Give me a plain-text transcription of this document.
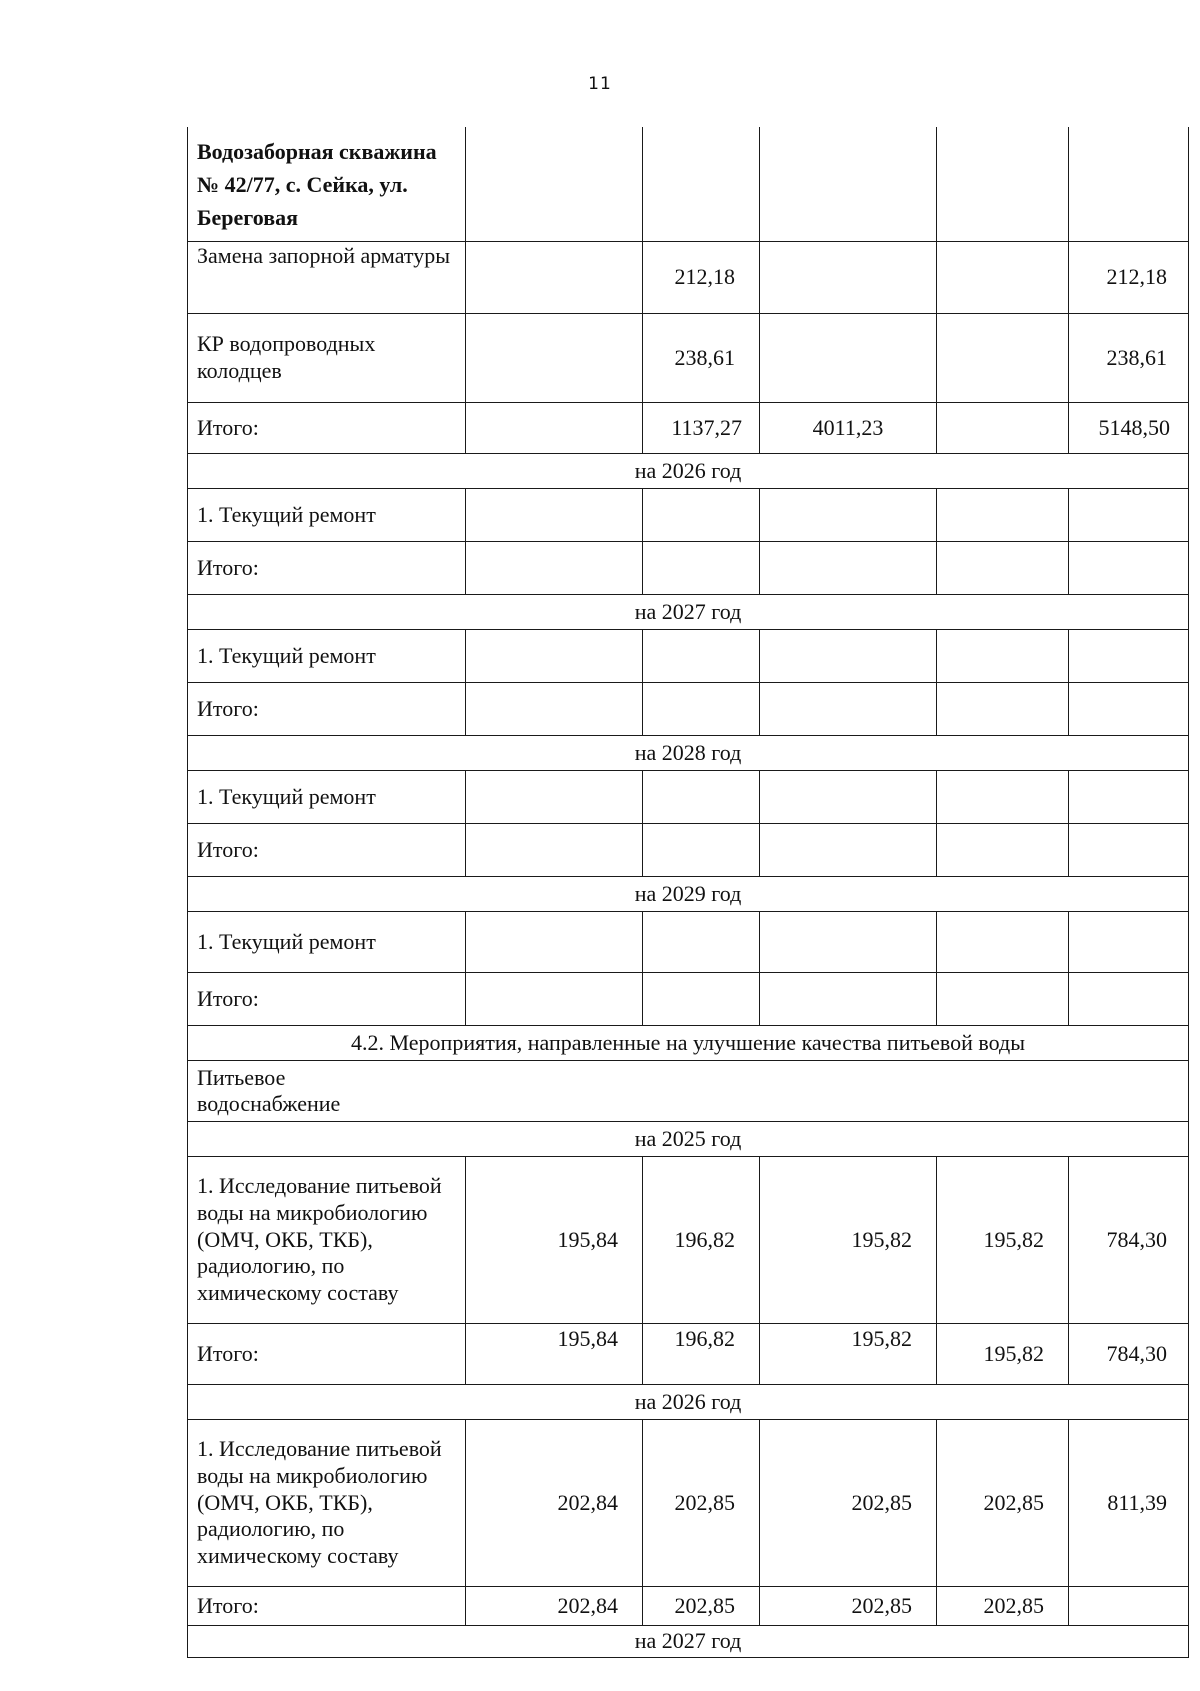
11
Водозаборная скважина № 42/77, с. Сейка, ул. Береговая					
Замена запорной арматуры		212,18			212,18
КР водопроводных колодцев		238,61			238,61
Итого:		1137,27	4011,23		5148,50
на 2026 год					
1. Текущий ремонт					
Итого:					
на 2027 год					
1. Текущий ремонт					
Итого:					
на 2028 год					
1. Текущий ремонт					
Итого:					
на 2029 год					
1. Текущий ремонт					
Итого:					
4.2. Мероприятия, направленные на улучшение качества питьевой воды					
Питьевое водоснабжение					
на 2025 год					
1. Исследование питьевой воды на микробиологию (ОМЧ, ОКБ, ТКБ), радиологию, по химическому составу	195,84	196,82	195,82	195,82	784,30
Итого:	195,84	196,82	195,82	195,82	784,30
на 2026 год					
1. Исследование питьевой воды на микробиологию (ОМЧ, ОКБ, ТКБ), радиологию, по химическому составу	202,84	202,85	202,85	202,85	811,39
Итого:	202,84	202,85	202,85	202,85	
на 2027 год					
